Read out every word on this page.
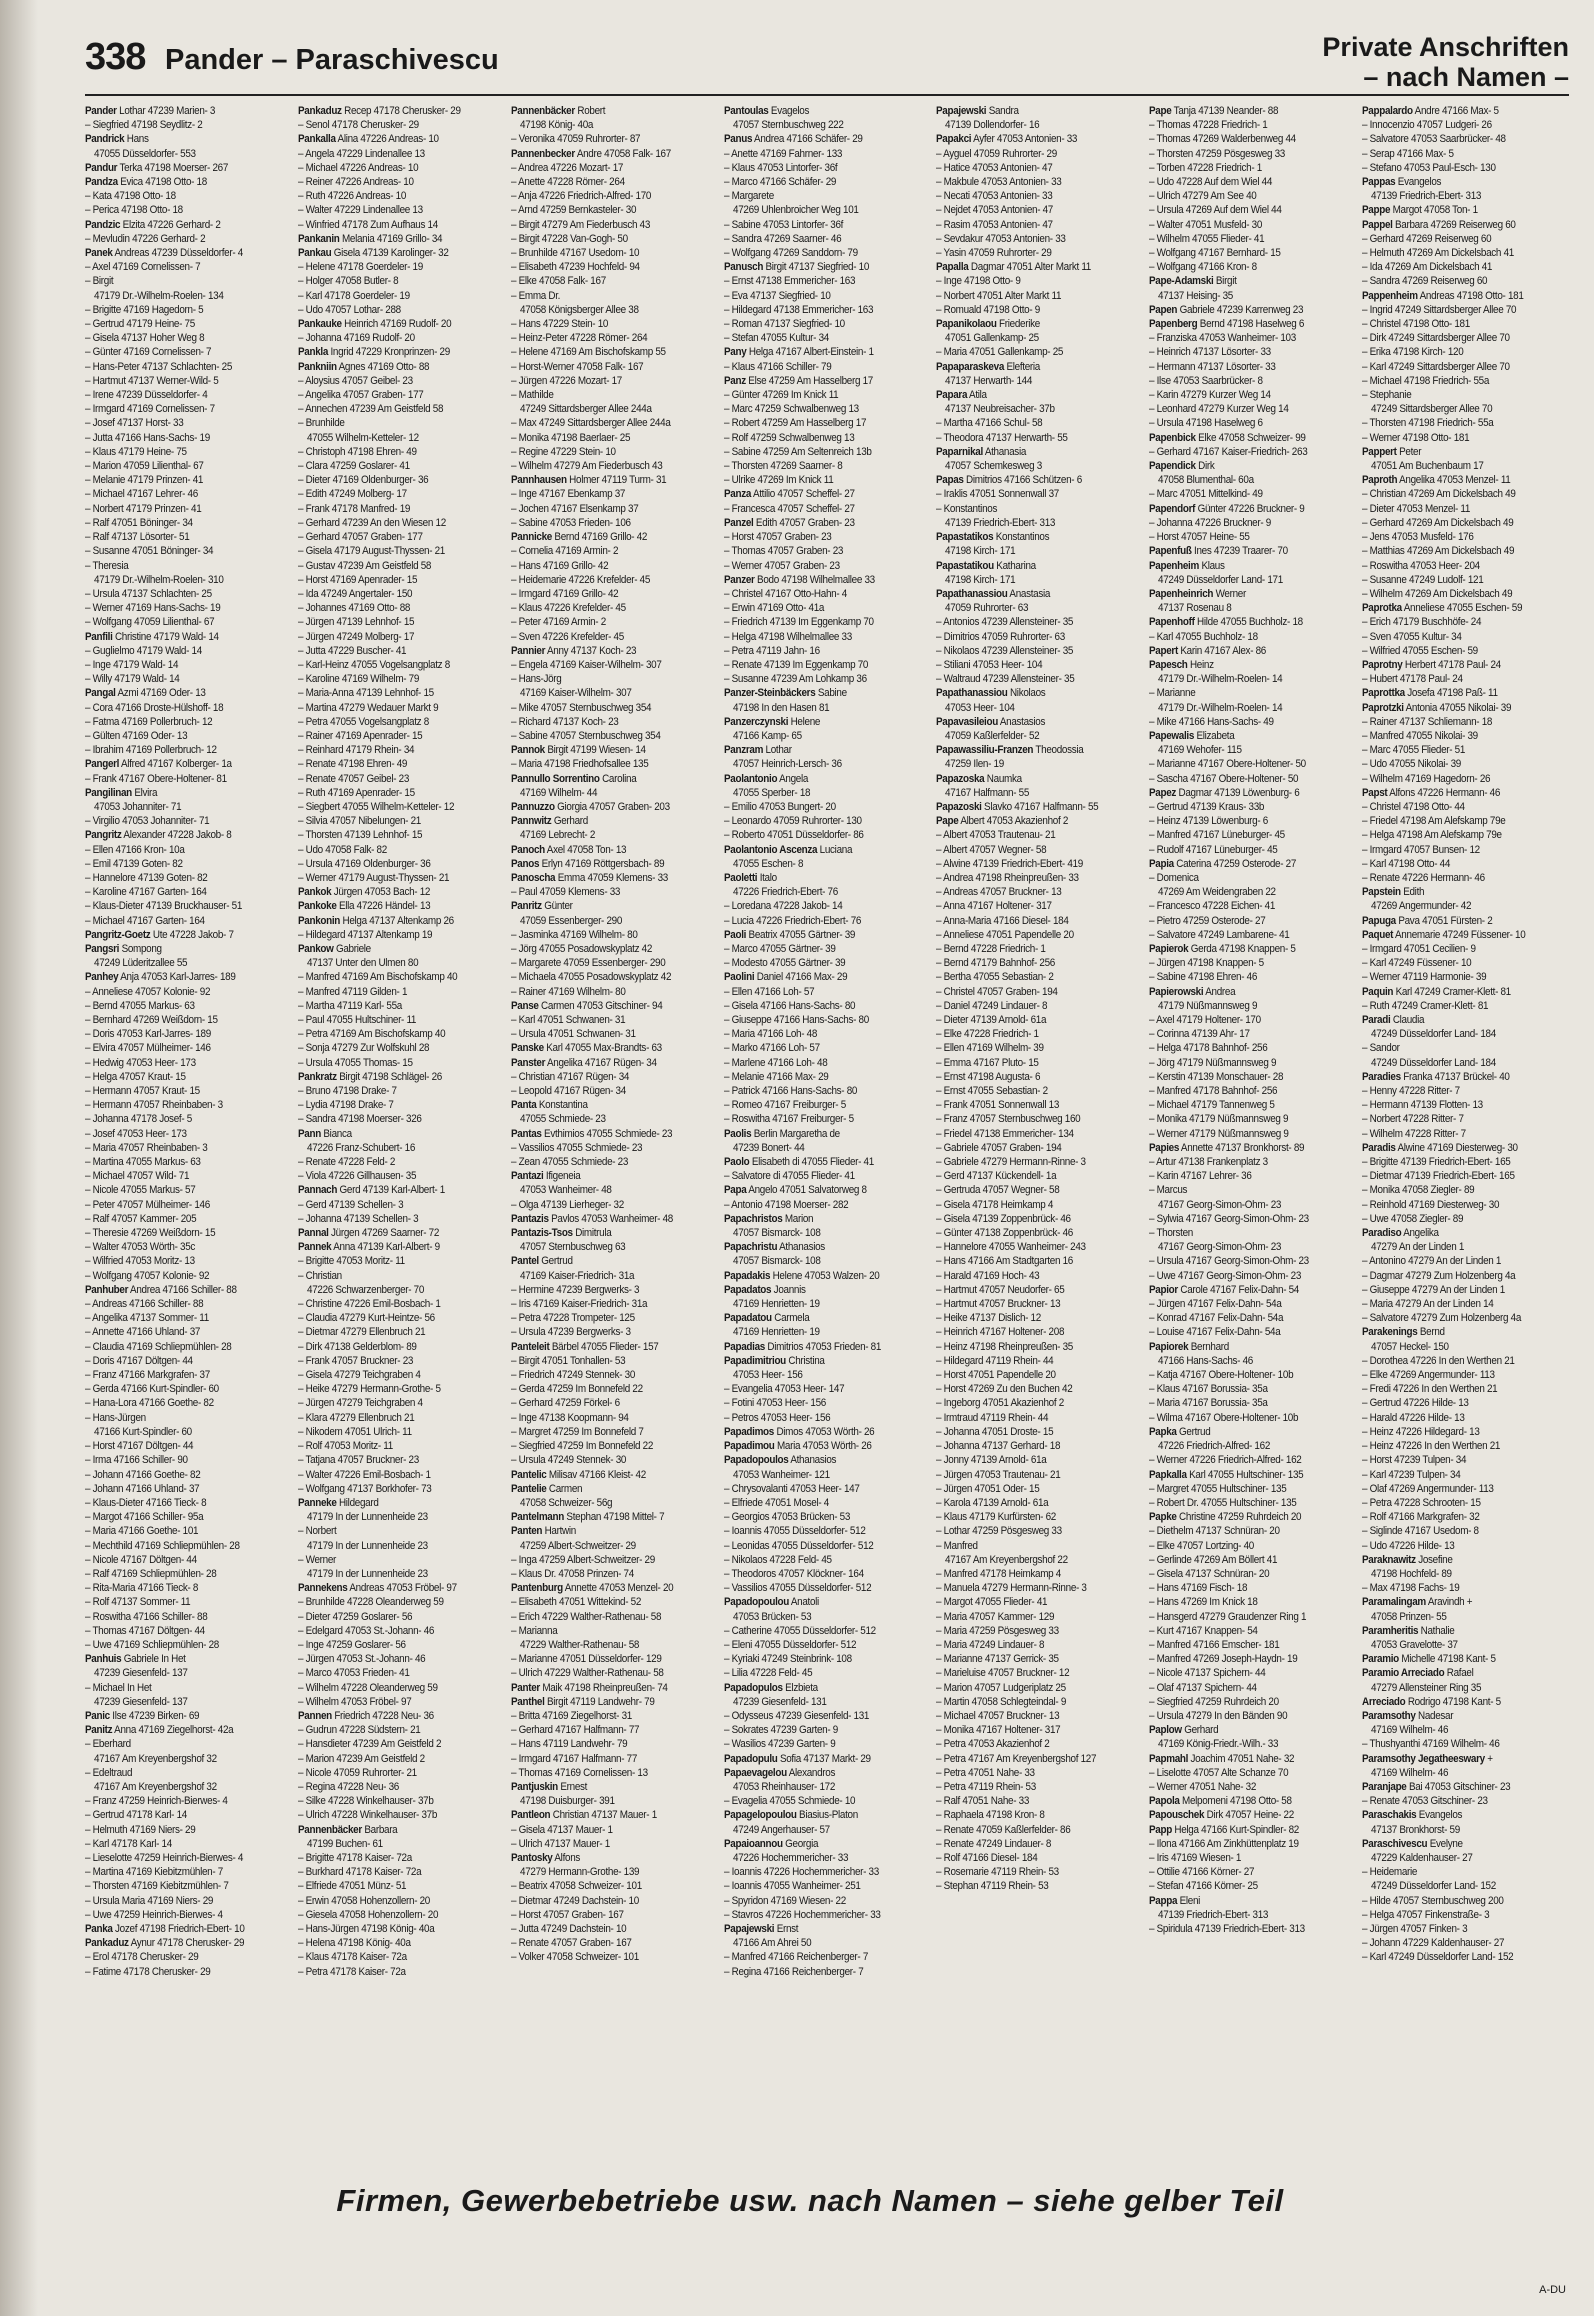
338 Pander – Paraschivescu	Private Anschriften
– nach Namen –
Pander Lothar 47239 Marien- 3
– Siegfried 47198 Seydlitz- 2
Pandrick Hans
47055 Düsseldorfer- 553
Pandur Terka 47198 Moerser- 267
Pandza Evica 47198 Otto- 18
– Kata 47198 Otto- 18
– Perica 47198 Otto- 18
Pandzic Elzita 47226 Gerhard- 2
– Mevludin 47226 Gerhard- 2
Panek Andreas 47239 Düsseldorfer- 4
– Axel 47169 Cornelissen- 7
– Birgit
47179 Dr.-Wilhelm-Roelen- 134
– Brigitte 47169 Hagedorn- 5
– Gertrud 47179 Heine- 75
– Gisela 47137 Hoher Weg 8
– Günter 47169 Cornelissen- 7
– Hans-Peter 47137 Schlachten- 25
– Hartmut 47137 Werner-Wild- 5
– Irene 47239 Düsseldorfer- 4
– Irmgard 47169 Cornelissen- 7
– Josef 47137 Horst- 33
– Jutta 47166 Hans-Sachs- 19
– Klaus 47179 Heine- 75
– Marion 47059 Lilienthal- 67
– Melanie 47179 Prinzen- 41
– Michael 47167 Lehrer- 46
– Norbert 47179 Prinzen- 41
– Ralf 47051 Böninger- 34
– Ralf 47137 Lösorter- 51
– Susanne 47051 Böninger- 34
– Theresia
47179 Dr.-Wilhelm-Roelen- 310
– Ursula 47137 Schlachten- 25
– Werner 47169 Hans-Sachs- 19
– Wolfgang 47059 Lilienthal- 67
Panfili Christine 47179 Wald- 14
– Guglielmo 47179 Wald- 14
– Inge 47179 Wald- 14
– Willy 47179 Wald- 14
Pangal Azmi 47169 Oder- 13
– Cora 47166 Droste-Hülshoff- 18
– Fatma 47169 Pollerbruch- 12
– Gülten 47169 Oder- 13
– Ibrahim 47169 Pollerbruch- 12
Pangerl Alfred 47167 Kolberger- 1a
– Frank 47167 Obere-Holtener- 81
Pangilinan Elvira
47053 Johanniter- 71
– Virgilio 47053 Johanniter- 71
Pangritz Alexander 47228 Jakob- 8
– Ellen 47166 Kron- 10a
– Emil 47139 Goten- 82
– Hannelore 47139 Goten- 82
– Karoline 47167 Garten- 164
– Klaus-Dieter 47139 Bruckhauser- 51
– Michael 47167 Garten- 164
Pangritz-Goetz Ute 47228 Jakob- 7
Pangsri Sompong
47249 Lüderitzallee 55
Panhey Anja 47053 Karl-Jarres- 189
– Anneliese 47057 Kolonie- 92
– Bernd 47055 Markus- 63
– Bernhard 47269 Weißdorn- 15
– Doris 47053 Karl-Jarres- 189
– Elvira 47057 Mülheimer- 146
– Hedwig 47053 Heer- 173
– Helga 47057 Kraut- 15
– Hermann 47057 Kraut- 15
– Hermann 47057 Rheinbaben- 3
– Johanna 47178 Josef- 5
– Josef 47053 Heer- 173
– Maria 47057 Rheinbaben- 3
– Martina 47055 Markus- 63
– Michael 47057 Wild- 71
– Nicole 47055 Markus- 57
– Peter 47057 Mülheimer- 146
– Ralf 47057 Kammer- 205
– Theresie 47269 Weißdorn- 15
– Walter 47053 Wörth- 35c
– Wilfried 47053 Moritz- 13
– Wolfgang 47057 Kolonie- 92
Panhuber Andrea 47166 Schiller- 88
– Andreas 47166 Schiller- 88
– Angelika 47137 Sommer- 11
– Annette 47166 Uhland- 37
– Claudia 47169 Schliepmühlen- 28
– Doris 47167 Döltgen- 44
– Franz 47166 Markgrafen- 37
– Gerda 47166 Kurt-Spindler- 60
– Hana-Lora 47166 Goethe- 82
– Hans-Jürgen
47166 Kurt-Spindler- 60
– Horst 47167 Döltgen- 44
– Irma 47166 Schiller- 90
– Johann 47166 Goethe- 82
– Johann 47166 Uhland- 37
– Klaus-Dieter 47166 Tieck- 8
– Margot 47166 Schiller- 95a
– Maria 47166 Goethe- 101
– Mechthild 47169 Schliepmühlen- 28
– Nicole 47167 Döltgen- 44
– Ralf 47169 Schliepmühlen- 28
– Rita-Maria 47166 Tieck- 8
– Rolf 47137 Sommer- 11
– Roswitha 47166 Schiller- 88
– Thomas 47167 Döltgen- 44
– Uwe 47169 Schliepmühlen- 28
Panhuis Gabriele In Het
47239 Giesenfeld- 137
– Michael In Het
47239 Giesenfeld- 137
Panic Ilse 47239 Birken- 69
Panitz Anna 47169 Ziegelhorst- 42a
– Eberhard
47167 Am Kreyenbergshof 32
– Edeltraud
47167 Am Kreyenbergshof 32
– Franz 47259 Heinrich-Bierwes- 4
– Gertrud 47178 Karl- 14
– Helmuth 47169 Niers- 29
– Karl 47178 Karl- 14
– Lieselotte 47259 Heinrich-Bierwes- 4
– Martina 47169 Kiebitzmühlen- 7
– Thorsten 47169 Kiebitzmühlen- 7
– Ursula Maria 47169 Niers- 29
– Uwe 47259 Heinrich-Bierwes- 4
Panka Jozef 47198 Friedrich-Ebert- 10
Pankaduz Aynur 47178 Cherusker- 29
– Erol 47178 Cherusker- 29
– Fatime 47178 Cherusker- 29
Pankaduz Recep 47178 Cherusker- 29
– Senol 47178 Cherusker- 29
Pankalla Alina 47226 Andreas- 10
– Angela 47229 Lindenallee 13
– Michael 47226 Andreas- 10
– Reiner 47226 Andreas- 10
– Ruth 47226 Andreas- 10
– Walter 47229 Lindenallee 13
– Winfried 47178 Zum Aufhaus 14
Pankanin Melania 47169 Grillo- 34
Pankau Gisela 47139 Karolinger- 32
– Helene 47178 Goerdeler- 19
– Holger 47058 Butler- 8
– Karl 47178 Goerdeler- 19
– Udo 47057 Lothar- 288
Pankauke Heinrich 47169 Rudolf- 20
– Johanna 47169 Rudolf- 20
Pankla Ingrid 47229 Kronprinzen- 29
Pankniin Agnes 47169 Otto- 88
– Aloysius 47057 Geibel- 23
– Angelika 47057 Graben- 177
– Annechen 47239 Am Geistfeld 58
– Brunhilde
47055 Wilhelm-Ketteler- 12
– Christoph 47198 Ehren- 49
– Clara 47259 Goslarer- 41
– Dieter 47169 Oldenburger- 36
– Edith 47249 Molberg- 17
– Frank 47178 Manfred- 19
– Gerhard 47239 An den Wiesen 12
– Gerhard 47057 Graben- 177
– Gisela 47179 August-Thyssen- 21
– Gustav 47239 Am Geistfeld 58
– Horst 47169 Apenrader- 15
– Ida 47249 Angertaler- 150
– Johannes 47169 Otto- 88
– Jürgen 47139 Lehnhof- 15
– Jürgen 47249 Molberg- 17
– Jutta 47229 Buscher- 41
– Karl-Heinz 47055 Vogelsangplatz 8
– Karoline 47169 Wilhelm- 79
– Maria-Anna 47139 Lehnhof- 15
– Martina 47279 Wedauer Markt 9
– Petra 47055 Vogelsangplatz 8
– Rainer 47169 Apenrader- 15
– Reinhard 47179 Rhein- 34
– Renate 47198 Ehren- 49
– Renate 47057 Geibel- 23
– Ruth 47169 Apenrader- 15
– Siegbert 47055 Wilhelm-Ketteler- 12
– Silvia 47057 Nibelungen- 21
– Thorsten 47139 Lehnhof- 15
– Udo 47058 Falk- 82
– Ursula 47169 Oldenburger- 36
– Werner 47179 August-Thyssen- 21
Pankok Jürgen 47053 Bach- 12
Pankoke Ella 47226 Händel- 13
Pankonin Helga 47137 Altenkamp 26
– Hildegard 47137 Altenkamp 19
Pankow Gabriele
47137 Unter den Ulmen 80
– Manfred 47169 Am Bischofskamp 40
– Manfred 47119 Gilden- 1
– Martha 47119 Karl- 55a
– Paul 47055 Hultschiner- 11
– Petra 47169 Am Bischofskamp 40
– Sonja 47279 Zur Wolfskuhl 28
– Ursula 47055 Thomas- 15
Pankratz Birgit 47198 Schlägel- 26
– Bruno 47198 Drake- 7
– Lydia 47198 Drake- 7
– Sandra 47198 Moerser- 326
Pann Bianca
47226 Franz-Schubert- 16
– Renate 47228 Feld- 2
– Viola 47226 Gillhausen- 35
Pannach Gerd 47139 Karl-Albert- 1
– Gerd 47139 Schellen- 3
– Johanna 47139 Schellen- 3
Pannal Jürgen 47269 Saarner- 72
Pannek Anna 47139 Karl-Albert- 9
– Brigitte 47053 Moritz- 11
– Christian
47226 Schwarzenberger- 70
– Christine 47226 Emil-Bosbach- 1
– Claudia 47279 Kurt-Heintze- 56
– Dietmar 47279 Ellenbruch 21
– Dirk 47138 Gelderblom- 89
– Frank 47057 Bruckner- 23
– Gisela 47279 Teichgraben 4
– Heike 47279 Hermann-Grothe- 5
– Jürgen 47279 Teichgraben 4
– Klara 47279 Ellenbruch 21
– Nikodem 47051 Ulrich- 11
– Rolf 47053 Moritz- 11
– Tatjana 47057 Bruckner- 23
– Walter 47226 Emil-Bosbach- 1
– Wolfgang 47137 Borkhofer- 73
Panneke Hildegard
47179 In der Lunnenheide 23
– Norbert
47179 In der Lunnenheide 23
– Werner
47179 In der Lunnenheide 23
Pannekens Andreas 47053 Fröbel- 97
– Brunhilde 47228 Oleanderweg 59
– Dieter 47259 Goslarer- 56
– Edelgard 47053 St.-Johann- 46
– Inge 47259 Goslarer- 56
– Jürgen 47053 St.-Johann- 46
– Marco 47053 Frieden- 41
– Wilhelm 47228 Oleanderweg 59
– Wilhelm 47053 Fröbel- 97
Pannen Friedrich 47228 Neu- 36
– Gudrun 47228 Südstern- 21
– Hansdieter 47239 Am Geistfeld 2
– Marion 47239 Am Geistfeld 2
– Nicole 47059 Ruhrorter- 21
– Regina 47228 Neu- 36
– Silke 47228 Winkelhauser- 37b
– Ulrich 47228 Winkelhauser- 37b
Pannenbäcker Barbara
47199 Buchen- 61
– Brigitte 47178 Kaiser- 72a
– Burkhard 47178 Kaiser- 72a
– Elfriede 47051 Münz- 51
– Erwin 47058 Hohenzollern- 20
– Giesela 47058 Hohenzollern- 20
– Hans-Jürgen 47198 König- 40a
– Helena 47198 König- 40a
– Klaus 47178 Kaiser- 72a
– Petra 47178 Kaiser- 72a
Pannenbäcker Robert
47198 König- 40a
– Veronika 47059 Ruhrorter- 87
Pannenbecker Andre 47058 Falk- 167
– Andrea 47226 Mozart- 17
– Anette 47228 Römer- 264
– Anja 47226 Friedrich-Alfred- 170
– Arnd 47259 Bernkasteler- 30
– Birgit 47279 Am Fiederbusch 43
– Birgit 47228 Van-Gogh- 50
– Brunhilde 47167 Usedom- 10
– Elisabeth 47239 Hochfeld- 94
– Elke 47058 Falk- 167
– Emma Dr.
47058 Königsberger Allee 38
– Hans 47229 Stein- 10
– Heinz-Peter 47228 Römer- 264
– Helene 47169 Am Bischofskamp 55
– Horst-Werner 47058 Falk- 167
– Jürgen 47226 Mozart- 17
– Mathilde
47249 Sittardsberger Allee 244a
– Max 47249 Sittardsberger Allee 244a
– Monika 47198 Baerlaer- 25
– Regine 47229 Stein- 10
– Wilhelm 47279 Am Fiederbusch 43
Pannhausen Holmer 47119 Turm- 31
– Inge 47167 Ebenkamp 37
– Jochen 47167 Elsenkamp 37
– Sabine 47053 Frieden- 106
Pannicke Bernd 47169 Grillo- 42
– Cornelia 47169 Armin- 2
– Hans 47169 Grillo- 42
– Heidemarie 47226 Krefelder- 45
– Irmgard 47169 Grillo- 42
– Klaus 47226 Krefelder- 45
– Peter 47169 Armin- 2
– Sven 47226 Krefelder- 45
Pannier Anny 47137 Koch- 23
– Engela 47169 Kaiser-Wilhelm- 307
– Hans-Jörg
47169 Kaiser-Wilhelm- 307
– Mike 47057 Sternbuschweg 354
– Richard 47137 Koch- 23
– Sabine 47057 Sternbuschweg 354
Pannok Birgit 47199 Wiesen- 14
– Maria 47198 Friedhofsallee 135
Pannullo Sorrentino Carolina
47169 Wilhelm- 44
Pannuzzo Giorgia 47057 Graben- 203
Pannwitz Gerhard
47169 Lebrecht- 2
Panoch Axel 47058 Ton- 13
Panos Erlyn 47169 Röttgersbach- 89
Panoscha Emma 47059 Klemens- 33
– Paul 47059 Klemens- 33
Panritz Günter
47059 Essenberger- 290
– Jasminka 47169 Wilhelm- 80
– Jörg 47055 Posadowskyplatz 42
– Margarete 47059 Essenberger- 290
– Michaela 47055 Posadowskyplatz 42
– Rainer 47169 Wilhelm- 80
Panse Carmen 47053 Gitschiner- 94
– Karl 47051 Schwanen- 31
– Ursula 47051 Schwanen- 31
Panske Karl 47055 Max-Brandts- 63
Panster Angelika 47167 Rügen- 34
– Christian 47167 Rügen- 34
– Leopold 47167 Rügen- 34
Panta Konstantina
47055 Schmiede- 23
Pantas Evthimios 47055 Schmiede- 23
– Vassilios 47055 Schmiede- 23
– Zean 47055 Schmiede- 23
Pantazi Ifigeneia
47053 Wanheimer- 48
– Olga 47139 Lierheger- 32
Pantazis Pavlos 47053 Wanheimer- 48
Pantazis-Tsos Dimitrula
47057 Sternbuschweg 63
Pantel Gertrud
47169 Kaiser-Friedrich- 31a
– Hermine 47239 Bergwerks- 3
– Iris 47169 Kaiser-Friedrich- 31a
– Petra 47228 Trompeter- 125
– Ursula 47239 Bergwerks- 3
Panteleit Bärbel 47055 Flieder- 157
– Birgit 47051 Tonhallen- 53
– Friedrich 47249 Stennek- 30
– Gerda 47259 Im Bonnefeld 22
– Gerhard 47259 Förkel- 6
– Inge 47138 Koopmann- 94
– Margret 47259 Im Bonnefeld 7
– Siegfried 47259 Im Bonnefeld 22
– Ursula 47249 Stennek- 30
Pantelic Milisav 47166 Kleist- 42
Pantelie Carmen
47058 Schweizer- 56g
Pantelmann Stephan 47198 Mittel- 7
Panten Hartwin
47259 Albert-Schweitzer- 29
– Inga 47259 Albert-Schweitzer- 29
– Klaus Dr. 47058 Prinzen- 74
Pantenburg Annette 47053 Menzel- 20
– Elisabeth 47051 Wittekind- 52
– Erich 47229 Walther-Rathenau- 58
– Marianna
47229 Walther-Rathenau- 58
– Marianne 47051 Düsseldorfer- 129
– Ulrich 47229 Walther-Rathenau- 58
Panter Maik 47198 Rheinpreußen- 74
Panthel Birgit 47119 Landwehr- 79
– Britta 47169 Ziegelhorst- 31
– Gerhard 47167 Halfmann- 77
– Hans 47119 Landwehr- 79
– Irmgard 47167 Halfmann- 77
– Thomas 47169 Cornelissen- 13
Pantjuskin Ernest
47198 Duisburger- 391
Pantleon Christian 47137 Mauer- 1
– Gisela 47137 Mauer- 1
– Ulrich 47137 Mauer- 1
Pantosky Alfons
47279 Hermann-Grothe- 139
– Beatrix 47058 Schweizer- 101
– Dietmar 47249 Dachstein- 10
– Horst 47057 Graben- 167
– Jutta 47249 Dachstein- 10
– Renate 47057 Graben- 167
– Volker 47058 Schweizer- 101
Pantoulas Evagelos
47057 Sternbuschweg 222
Panus Andrea 47166 Schäfer- 29
– Anette 47169 Fahrner- 133
– Klaus 47053 Lintorfer- 36f
– Marco 47166 Schäfer- 29
– Margarete
47269 Uhlenbroicher Weg 101
– Sabine 47053 Lintorfer- 36f
– Sandra 47269 Saarner- 46
– Wolfgang 47269 Sanddorn- 79
Panusch Birgit 47137 Siegfried- 10
– Ernst 47138 Emmericher- 163
– Eva 47137 Siegfried- 10
– Hildegard 47138 Emmericher- 163
– Roman 47137 Siegfried- 10
– Stefan 47055 Kultur- 34
Pany Helga 47167 Albert-Einstein- 1
– Klaus 47166 Schiller- 79
Panz Else 47259 Am Hasselberg 17
– Günter 47269 Im Knick 11
– Marc 47259 Schwalbenweg 13
– Robert 47259 Am Hasselberg 17
– Rolf 47259 Schwalbenweg 13
– Sabine 47259 Am Seltenreich 13b
– Thorsten 47269 Saarner- 8
– Ulrike 47269 Im Knick 11
Panza Attilio 47057 Scheffel- 27
– Francesca 47057 Scheffel- 27
Panzel Edith 47057 Graben- 23
– Horst 47057 Graben- 23
– Thomas 47057 Graben- 23
– Werner 47057 Graben- 23
Panzer Bodo 47198 Wilhelmallee 33
– Christel 47167 Otto-Hahn- 4
– Erwin 47169 Otto- 41a
– Friedrich 47139 Im Eggenkamp 70
– Helga 47198 Wilhelmallee 33
– Petra 47119 Jahn- 16
– Renate 47139 Im Eggenkamp 70
– Susanne 47239 Am Lohkamp 36
Panzer-Steinbäckers Sabine
47198 In den Hasen 81
Panzerczynski Helene
47166 Kamp- 65
Panzram Lothar
47057 Heinrich-Lersch- 36
Paolantonio Angela
47055 Sperber- 18
– Emilio 47053 Bungert- 20
– Leonardo 47059 Ruhrorter- 130
– Roberto 47051 Düsseldorfer- 86
Paolantonio Ascenza Luciana
47055 Eschen- 8
Paoletti Italo
47226 Friedrich-Ebert- 76
– Loredana 47228 Jakob- 14
– Lucia 47226 Friedrich-Ebert- 76
Paoli Beatrix 47055 Gärtner- 39
– Marco 47055 Gärtner- 39
– Modesto 47055 Gärtner- 39
Paolini Daniel 47166 Max- 29
– Ellen 47166 Loh- 57
– Gisela 47166 Hans-Sachs- 80
– Giuseppe 47166 Hans-Sachs- 80
– Maria 47166 Loh- 48
– Marko 47166 Loh- 57
– Marlene 47166 Loh- 48
– Melanie 47166 Max- 29
– Patrick 47166 Hans-Sachs- 80
– Romeo 47167 Freiburger- 5
– Roswitha 47167 Freiburger- 5
Paolis Berlin Margaretha de
47239 Bonert- 44
Paolo Elisabeth di 47055 Flieder- 41
– Salvatore di 47055 Flieder- 41
Papa Angelo 47051 Salvatorweg 8
– Antonio 47198 Moerser- 282
Papachristos Marion
47057 Bismarck- 108
Papachristu Athanasios
47057 Bismarck- 108
Papadakis Helene 47053 Walzen- 20
Papadatos Joannis
47169 Henrietten- 19
Papadatou Carmela
47169 Henrietten- 19
Papadias Dimitrios 47053 Frieden- 81
Papadimitriou Christina
47053 Heer- 156
– Evangelia 47053 Heer- 147
– Fotini 47053 Heer- 156
– Petros 47053 Heer- 156
Papadimos Dimos 47053 Wörth- 26
Papadimou Maria 47053 Wörth- 26
Papadopoulos Athanasios
47053 Wanheimer- 121
– Chrysovalanti 47053 Heer- 147
– Elfriede 47051 Mosel- 4
– Georgios 47053 Brücken- 53
– Ioannis 47055 Düsseldorfer- 512
– Leonidas 47055 Düsseldorfer- 512
– Nikolaos 47228 Feld- 45
– Theodoros 47057 Klöckner- 164
– Vassilios 47055 Düsseldorfer- 512
Papadopoulou Anatoli
47053 Brücken- 53
– Catherine 47055 Düsseldorfer- 512
– Eleni 47055 Düsseldorfer- 512
– Kyriaki 47249 Steinbrink- 108
– Lilia 47228 Feld- 45
Papadopulos Elzbieta
47239 Giesenfeld- 131
– Odysseus 47239 Giesenfeld- 131
– Sokrates 47239 Garten- 9
– Wasilios 47239 Garten- 9
Papadopulu Sofia 47137 Markt- 29
Papaevagelou Alexandros
47053 Rheinhauser- 172
– Evagelia 47055 Schmiede- 10
Papagelopoulou Biasius-Platon
47249 Angerhauser- 57
Papaioannou Georgia
47226 Hochemmericher- 33
– Ioannis 47226 Hochemmericher- 33
– Ioannis 47055 Wanheimer- 251
– Spyridon 47169 Wiesen- 22
– Stavros 47226 Hochemmericher- 33
Papajewski Ernst
47166 Am Ahrei 50
– Manfred 47166 Reichenberger- 7
– Regina 47166 Reichenberger- 7
Papajewski Sandra
47139 Dollendorfer- 16
Papakci Ayfer 47053 Antonien- 33
– Ayguel 47059 Ruhrorter- 29
– Hatice 47053 Antonien- 47
– Makbule 47053 Antonien- 33
– Necati 47053 Antonien- 33
– Nejdet 47053 Antonien- 47
– Rasim 47053 Antonien- 47
– Sevdakur 47053 Antonien- 33
– Yasin 47059 Ruhrorter- 29
Papalla Dagmar 47051 Alter Markt 11
– Inge 47198 Otto- 9
– Norbert 47051 Alter Markt 11
– Romuald 47198 Otto- 9
Papanikolaou Friederike
47051 Gallenkamp- 25
– Maria 47051 Gallenkamp- 25
Papaparaskeva Elefteria
47137 Herwarth- 144
Papara Atila
47137 Neubreisacher- 37b
– Martha 47166 Schul- 58
– Theodora 47137 Herwarth- 55
Paparnikal Athanasia
47057 Schemkesweg 3
Papas Dimitrios 47166 Schützen- 6
– Iraklis 47051 Sonnenwall 37
– Konstantinos
47139 Friedrich-Ebert- 313
Papastatikos Konstantinos
47198 Kirch- 171
Papastatikou Katharina
47198 Kirch- 171
Papathanassiou Anastasia
47059 Ruhrorter- 63
– Antonios 47239 Allensteiner- 35
– Dimitrios 47059 Ruhrorter- 63
– Nikolaos 47239 Allensteiner- 35
– Stiliani 47053 Heer- 104
– Waltraud 47239 Allensteiner- 35
Papathanassiou Nikolaos
47053 Heer- 104
Papavasileiou Anastasios
47059 Kaßlerfelder- 52
Papawassiliu-Franzen Theodossia
47259 Ilen- 19
Papazoska Naumka
47167 Halfmann- 55
Papazoski Slavko 47167 Halfmann- 55
Pape Albert 47053 Akazienhof 2
– Albert 47053 Trautenau- 21
– Albert 47057 Wegner- 58
– Alwine 47139 Friedrich-Ebert- 419
– Andrea 47198 Rheinpreußen- 33
– Andreas 47057 Bruckner- 13
– Anna 47167 Holtener- 317
– Anna-Maria 47166 Diesel- 184
– Anneliese 47051 Papendelle 20
– Bernd 47228 Friedrich- 1
– Bernd 47179 Bahnhof- 256
– Bertha 47055 Sebastian- 2
– Christel 47057 Graben- 194
– Daniel 47249 Lindauer- 8
– Dieter 47139 Arnold- 61a
– Elke 47228 Friedrich- 1
– Ellen 47169 Wilhelm- 39
– Emma 47167 Pluto- 15
– Ernst 47198 Augusta- 6
– Ernst 47055 Sebastian- 2
– Frank 47051 Sonnenwall 13
– Franz 47057 Sternbuschweg 160
– Friedel 47138 Emmericher- 134
– Gabriele 47057 Graben- 194
– Gabriele 47279 Hermann-Rinne- 3
– Gerd 47137 Kückendell- 1a
– Gertruda 47057 Wegner- 58
– Gisela 47178 Heimkamp 4
– Gisela 47139 Zoppenbrück- 46
– Günter 47138 Zoppenbrück- 46
– Hannelore 47055 Wanheimer- 243
– Hans 47166 Am Stadtgarten 16
– Harald 47169 Hoch- 43
– Hartmut 47057 Neudorfer- 65
– Hartmut 47057 Bruckner- 13
– Heike 47137 Dislich- 12
– Heinrich 47167 Holtener- 208
– Heinz 47198 Rheinpreußen- 35
– Hildegard 47119 Rhein- 44
– Horst 47051 Papendelle 20
– Horst 47269 Zu den Buchen 42
– Ingeborg 47051 Akazienhof 2
– Irmtraud 47119 Rhein- 44
– Johanna 47051 Droste- 15
– Johanna 47137 Gerhard- 18
– Jonny 47139 Arnold- 61a
– Jürgen 47053 Trautenau- 21
– Jürgen 47051 Oder- 15
– Karola 47139 Arnold- 61a
– Klaus 47179 Kurfürsten- 62
– Lothar 47259 Pösgesweg 33
– Manfred
47167 Am Kreyenbergshof 22
– Manfred 47178 Heimkamp 4
– Manuela 47279 Hermann-Rinne- 3
– Margot 47055 Flieder- 41
– Maria 47057 Kammer- 129
– Maria 47259 Pösgesweg 33
– Maria 47249 Lindauer- 8
– Marianne 47137 Gerrick- 35
– Marieluise 47057 Bruckner- 12
– Marion 47057 Ludgeriplatz 25
– Martin 47058 Schlegteindal- 9
– Michael 47057 Bruckner- 13
– Monika 47167 Holtener- 317
– Petra 47053 Akazienhof 2
– Petra 47167 Am Kreyenbergshof 127
– Petra 47051 Nahe- 33
– Petra 47119 Rhein- 53
– Ralf 47051 Nahe- 33
– Raphaela 47198 Kron- 8
– Renate 47059 Kaßlerfelder- 86
– Renate 47249 Lindauer- 8
– Rolf 47166 Diesel- 184
– Rosemarie 47119 Rhein- 53
– Stephan 47119 Rhein- 53
Pape Tanja 47139 Neander- 88
– Thomas 47228 Friedrich- 1
– Thomas 47269 Walderbenweg 44
– Thorsten 47259 Pösgesweg 33
– Torben 47228 Friedrich- 1
– Udo 47228 Auf dem Wiel 44
– Ulrich 47279 Am See 40
– Ursula 47269 Auf dem Wiel 44
– Walter 47051 Musfeld- 30
– Wilhelm 47055 Flieder- 41
– Wolfgang 47167 Bernhard- 15
– Wolfgang 47166 Kron- 8
Pape-Adamski Birgit
47137 Heising- 35
Papen Gabriele 47239 Karrenweg 23
Papenberg Bernd 47198 Haselweg 6
– Franziska 47053 Wanheimer- 103
– Heinrich 47137 Lösorter- 33
– Hermann 47137 Lösorter- 33
– Ilse 47053 Saarbrücker- 8
– Karin 47279 Kurzer Weg 14
– Leonhard 47279 Kurzer Weg 14
– Ursula 47198 Haselweg 6
Papenbick Elke 47058 Schweizer- 99
– Gerhard 47167 Kaiser-Friedrich- 263
Papendick Dirk
47058 Blumenthal- 60a
– Marc 47051 Mittelkind- 49
Papendorf Günter 47226 Bruckner- 9
– Johanna 47226 Bruckner- 9
– Horst 47057 Heine- 55
Papenfuß Ines 47239 Traarer- 70
Papenheim Klaus
47249 Düsseldorfer Land- 171
Papenheinrich Werner
47137 Rosenau 8
Papenhoff Hilde 47055 Buchholz- 18
– Karl 47055 Buchholz- 18
Papert Karin 47167 Alex- 86
Papesch Heinz
47179 Dr.-Wilhelm-Roelen- 14
– Marianne
47179 Dr.-Wilhelm-Roelen- 14
– Mike 47166 Hans-Sachs- 49
Papewalis Elizabeta
47169 Wehofer- 115
– Marianne 47167 Obere-Holtener- 50
– Sascha 47167 Obere-Holtener- 50
Papez Dagmar 47139 Löwenburg- 6
– Gertrud 47139 Kraus- 33b
– Heinz 47139 Löwenburg- 6
– Manfred 47167 Lüneburger- 45
– Rudolf 47167 Lüneburger- 45
Papia Caterina 47259 Osterode- 27
– Domenica
47269 Am Weidengraben 22
– Francesco 47228 Eichen- 41
– Pietro 47259 Osterode- 27
– Salvatore 47249 Lambarene- 41
Papierok Gerda 47198 Knappen- 5
– Jürgen 47198 Knappen- 5
– Sabine 47198 Ehren- 46
Papierowski Andrea
47179 Nüßmannsweg 9
– Axel 47179 Holtener- 170
– Corinna 47139 Ahr- 17
– Helga 47178 Bahnhof- 256
– Jörg 47179 Nüßmannsweg 9
– Kerstin 47139 Monschauer- 28
– Manfred 47178 Bahnhof- 256
– Michael 47179 Tannenweg 5
– Monika 47179 Nüßmannsweg 9
– Werner 47179 Nüßmannsweg 9
Papies Annette 47137 Bronkhorst- 89
– Artur 47138 Frankenplatz 3
– Karin 47167 Lehrer- 36
– Marcus
47167 Georg-Simon-Ohm- 23
– Sylwia 47167 Georg-Simon-Ohm- 23
– Thorsten
47167 Georg-Simon-Ohm- 23
– Ursula 47167 Georg-Simon-Ohm- 23
– Uwe 47167 Georg-Simon-Ohm- 23
Papior Carole 47167 Felix-Dahn- 54
– Jürgen 47167 Felix-Dahn- 54a
– Konrad 47167 Felix-Dahn- 54a
– Louise 47167 Felix-Dahn- 54a
Papiorek Bernhard
47166 Hans-Sachs- 46
– Katja 47167 Obere-Holtener- 10b
– Klaus 47167 Borussia- 35a
– Maria 47167 Borussia- 35a
– Wilma 47167 Obere-Holtener- 10b
Papka Gertrud
47226 Friedrich-Alfred- 162
– Werner 47226 Friedrich-Alfred- 162
Papkalla Karl 47055 Hultschiner- 135
– Margret 47055 Hultschiner- 135
– Robert Dr. 47055 Hultschiner- 135
Papke Christine 47259 Ruhrdeich 20
– Diethelm 47137 Schnüran- 20
– Elke 47057 Lortzing- 40
– Gerlinde 47269 Am Böllert 41
– Gisela 47137 Schnüran- 20
– Hans 47169 Fisch- 18
– Hans 47269 Im Knick 18
– Hansgerd 47279 Graudenzer Ring 1
– Kurt 47167 Knappen- 54
– Manfred 47166 Emscher- 181
– Manfred 47269 Joseph-Haydn- 19
– Nicole 47137 Spichern- 44
– Olaf 47137 Spichern- 44
– Siegfried 47259 Ruhrdeich 20
– Ursula 47279 In den Bänden 90
Paplow Gerhard
47169 König-Friedr.-Wilh.- 33
Papmahl Joachim 47051 Nahe- 32
– Liselotte 47057 Alte Schanze 70
– Werner 47051 Nahe- 32
Papola Melpomeni 47198 Otto- 58
Papouschek Dirk 47057 Heine- 22
Papp Helga 47166 Kurt-Spindler- 82
– Ilona 47166 Am Zinkhüttenplatz 19
– Iris 47169 Wiesen- 1
– Ottilie 47166 Körner- 27
– Stefan 47166 Körner- 25
Pappa Eleni
47139 Friedrich-Ebert- 313
– Spiridula 47139 Friedrich-Ebert- 313
Pappalardo Andre 47166 Max- 5
– Innocenzio 47057 Ludgeri- 26
– Salvatore 47053 Saarbrücker- 48
– Serap 47166 Max- 5
– Stefano 47053 Paul-Esch- 130
Pappas Evangelos
47139 Friedrich-Ebert- 313
Pappe Margot 47058 Ton- 1
Pappel Barbara 47269 Reiserweg 60
– Gerhard 47269 Reiserweg 60
– Helmuth 47269 Am Dickelsbach 41
– Ida 47269 Am Dickelsbach 41
– Sandra 47269 Reiserweg 60
Pappenheim Andreas 47198 Otto- 181
– Ingrid 47249 Sittardsberger Allee 70
– Christel 47198 Otto- 181
– Dirk 47249 Sittardsberger Allee 70
– Erika 47198 Kirch- 120
– Karl 47249 Sittardsberger Allee 70
– Michael 47198 Friedrich- 55a
– Stephanie
47249 Sittardsberger Allee 70
– Thorsten 47198 Friedrich- 55a
– Werner 47198 Otto- 181
Pappert Peter
47051 Am Buchenbaum 17
Paproth Angelika 47053 Menzel- 11
– Christian 47269 Am Dickelsbach 49
– Dieter 47053 Menzel- 11
– Gerhard 47269 Am Dickelsbach 49
– Jens 47053 Musfeld- 176
– Matthias 47269 Am Dickelsbach 49
– Roswitha 47053 Heer- 204
– Susanne 47249 Ludolf- 121
– Wilhelm 47269 Am Dickelsbach 49
Paprotka Anneliese 47055 Eschen- 59
– Erich 47179 Buschhöfe- 24
– Sven 47055 Kultur- 34
– Wilfried 47055 Eschen- 59
Paprotny Herbert 47178 Paul- 24
– Hubert 47178 Paul- 24
Paprottka Josefa 47198 Paß- 11
Paprotzki Antonia 47055 Nikolai- 39
– Rainer 47137 Schliemann- 18
– Manfred 47055 Nikolai- 39
– Marc 47055 Flieder- 51
– Udo 47055 Nikolai- 39
– Wilhelm 47169 Hagedorn- 26
Papst Alfons 47226 Hermann- 46
– Christel 47198 Otto- 44
– Friedel 47198 Am Alefskamp 79e
– Helga 47198 Am Alefskamp 79e
– Irmgard 47057 Bunsen- 12
– Karl 47198 Otto- 44
– Renate 47226 Hermann- 46
Papstein Edith
47269 Angermunder- 42
Papuga Pava 47051 Fürsten- 2
Paquet Annemarie 47249 Füssener- 10
– Irmgard 47051 Cecilien- 9
– Karl 47249 Füssener- 10
– Werner 47119 Harmonie- 39
Paquin Karl 47249 Cramer-Klett- 81
– Ruth 47249 Cramer-Klett- 81
Paradi Claudia
47249 Düsseldorfer Land- 184
– Sandor
47249 Düsseldorfer Land- 184
Paradies Franka 47137 Brückel- 40
– Henny 47228 Ritter- 7
– Hermann 47139 Flotten- 13
– Norbert 47228 Ritter- 7
– Wilhelm 47228 Ritter- 7
Paradis Alwine 47169 Diesterweg- 30
– Brigitte 47139 Friedrich-Ebert- 165
– Dietmar 47139 Friedrich-Ebert- 165
– Monika 47058 Ziegler- 89
– Reinhold 47169 Diesterweg- 30
– Uwe 47058 Ziegler- 89
Paradiso Angelika
47279 An der Linden 1
– Antonino 47279 An der Linden 1
– Dagmar 47279 Zum Holzenberg 4a
– Giuseppe 47279 An der Linden 1
– Maria 47279 An der Linden 14
– Salvatore 47279 Zum Holzenberg 4a
Parakenings Bernd
47057 Heckel- 150
– Dorothea 47226 In den Werthen 21
– Elke 47269 Angermunder- 113
– Fredi 47226 In den Werthen 21
– Gertrud 47226 Hilde- 13
– Harald 47226 Hilde- 13
– Heinz 47226 Hildegard- 13
– Heinz 47226 In den Werthen 21
– Horst 47239 Tulpen- 34
– Karl 47239 Tulpen- 34
– Olaf 47269 Angermunder- 113
– Petra 47228 Schrooten- 15
– Rolf 47166 Markgrafen- 32
– Siglinde 47167 Usedom- 8
– Udo 47226 Hilde- 13
Paraknawitz Josefine
47198 Hochfeld- 89
– Max 47198 Fachs- 19
Paramalingam Aravindh +
47058 Prinzen- 55
Paramheritis Nathalie
47053 Gravelotte- 37
Paramio Michelle 47198 Kant- 5
Paramio Arreciado Rafael
47279 Allensteiner Ring 35
Arreciado Rodrigo 47198 Kant- 5
Paramsothy Nadesar
47169 Wilhelm- 46
– Thushyanthi 47169 Wilhelm- 46
Paramsothy Jegatheeswary +
47169 Wilhelm- 46
Paranjape Bai 47053 Gitschiner- 23
– Renate 47053 Gitschiner- 23
Paraschakis Evangelos
47137 Bronkhorst- 59
Paraschivescu Evelyne
47229 Kaldenhauser- 27
– Heidemarie
47249 Düsseldorfer Land- 152
– Hilde 47057 Sternbuschweg 200
– Helga 47057 Finkenstraße- 3
– Jürgen 47057 Finken- 3
– Johann 47229 Kaldenhauser- 27
– Karl 47249 Düsseldorfer Land- 152
Firmen, Gewerbebetriebe usw. nach Namen – siehe gelber Teil
A-DU
